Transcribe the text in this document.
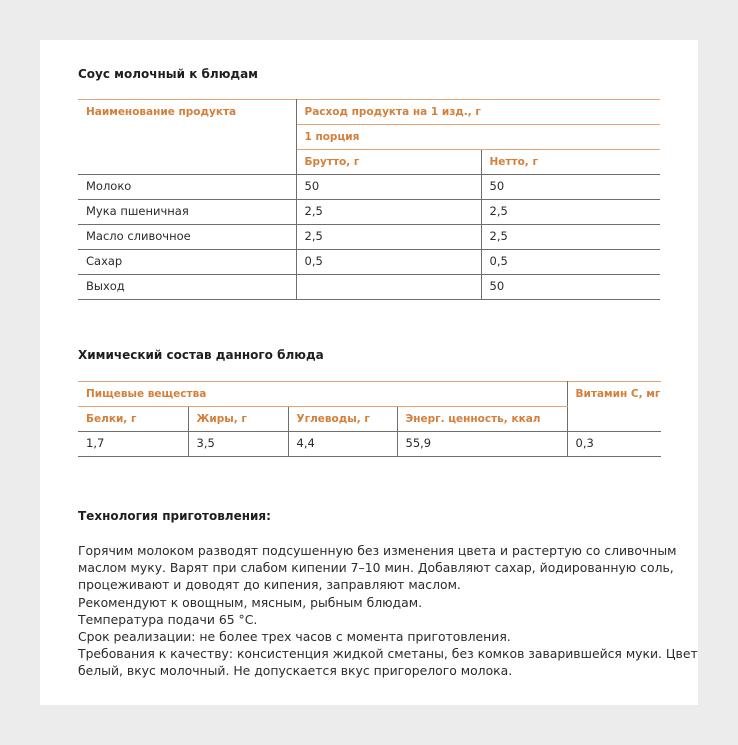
Соус молочный к блюдам
Наименование продукта	Расход продукта на 1 изд., г	
	1 порция	
	Брутто, г	Нетто, г
Молоко	50	50
Мука пшеничная	2,5	2,5
Масло сливочное	2,5	2,5
Сахар	0,5	0,5
Выход		50
Химический состав данного блюда
Пищевые вещества				Витамин С, мг
Белки, г	Жиры, г	Углеводы, г	Энерг. ценность, ккал	
1,7	3,5	4,4	55,9	0,3
Технология приготовления:
Горячим молоком разводят подсушенную без изменения цвета и растертую со сливочным
маслом муку. Варят при слабом кипении 7–10 мин. Добавляют сахар, йодированную соль,
процеживают и доводят до кипения, заправляют маслом.
Рекомендуют к овощным, мясным, рыбным блюдам.
Температура подачи 65 °С.
Срок реализации: не более трех часов с момента приготовления.
Требования к качеству: консистенция жидкой сметаны, без комков заварившейся муки. Цвет
белый, вкус молочный. Не допускается вкус пригорелого молока.
